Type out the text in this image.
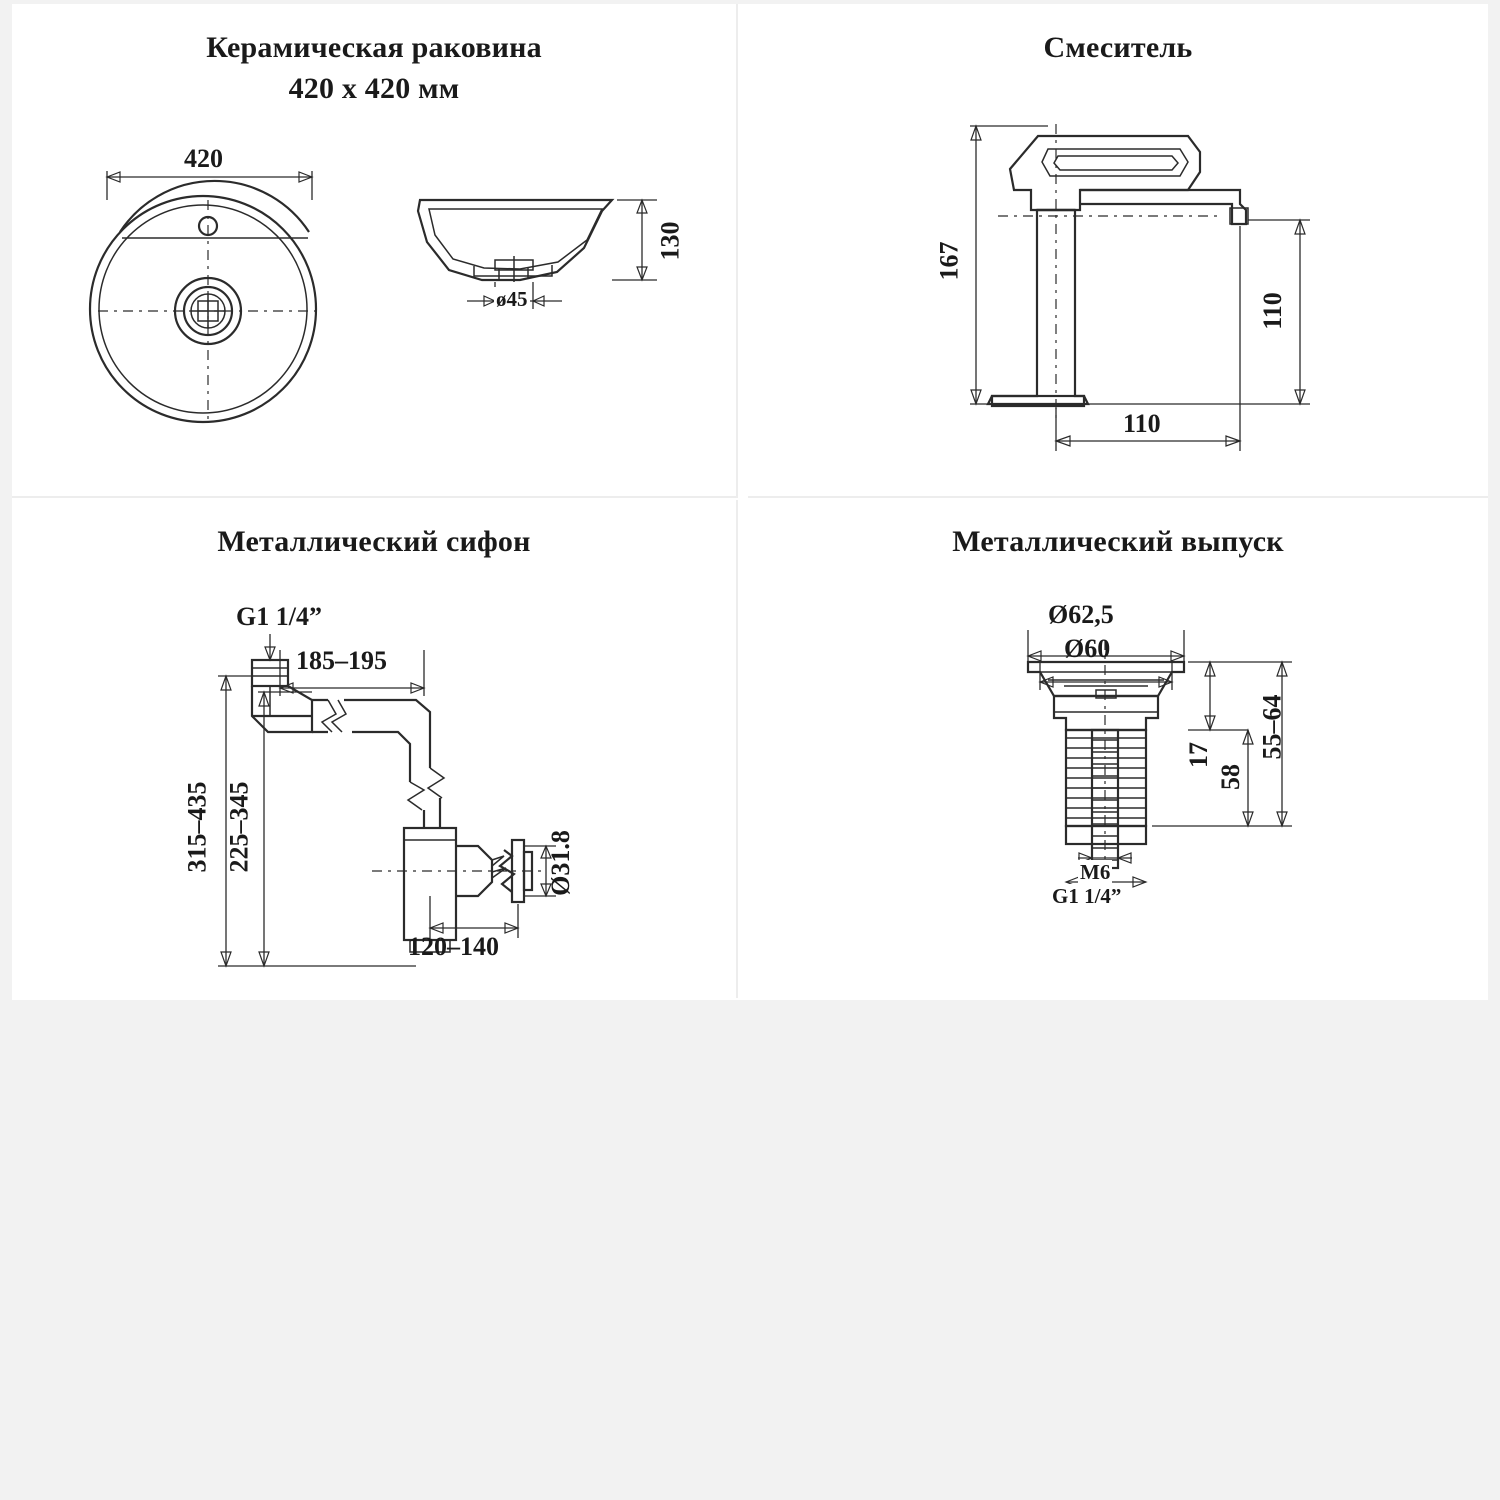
Керамическая раковина
420 x 420 мм
420
130
ø45
Смеситель
167
110
110
Металлический сифон
G1 1/4”
185–195
315–435 225–345	Ø31.8
120–140
Металлический выпуск
Ø62,5
Ø60
55–64
17
58
M6
G1 1/4”
